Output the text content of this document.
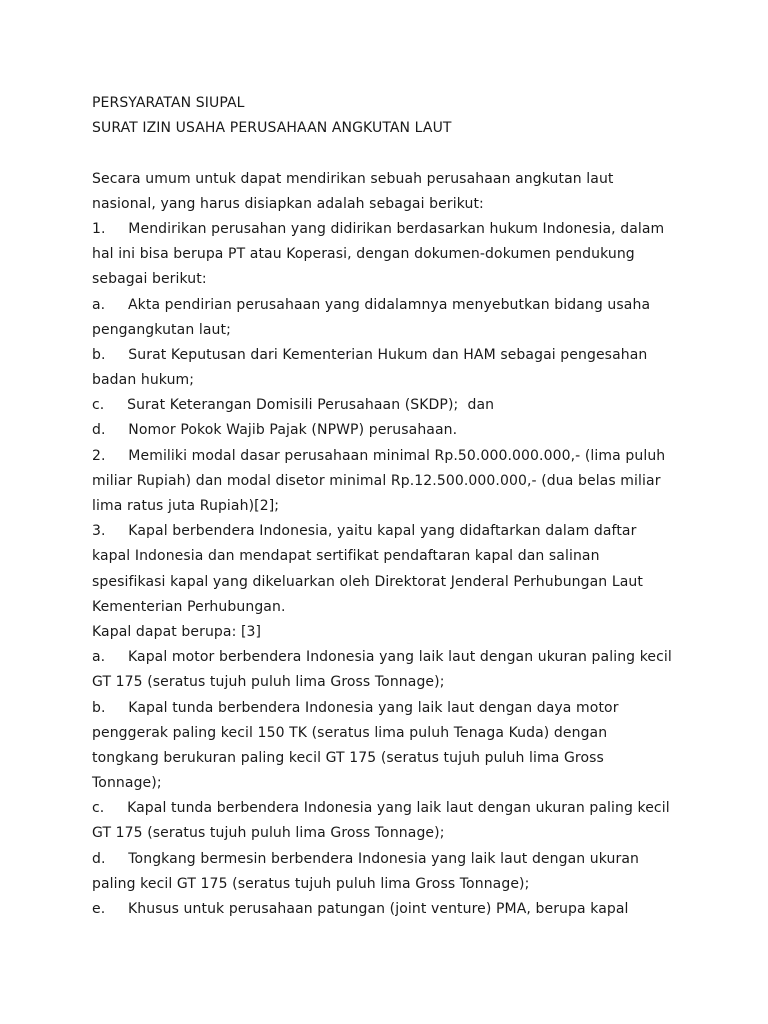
PERSYARATAN SIUPAL
SURAT IZIN USAHA PERUSAHAAN ANGKUTAN LAUT
Secara umum untuk dapat mendirikan sebuah perusahaan angkutan laut
nasional, yang harus disiapkan adalah sebagai berikut:
1.     Mendirikan perusahan yang didirikan berdasarkan hukum Indonesia, dalam
hal ini bisa berupa PT atau Koperasi, dengan dokumen-dokumen pendukung
sebagai berikut:
a.     Akta pendirian perusahaan yang didalamnya menyebutkan bidang usaha
pengangkutan laut;
b.     Surat Keputusan dari Kementerian Hukum dan HAM sebagai pengesahan
badan hukum;
c.     Surat Keterangan Domisili Perusahaan (SKDP);  dan
d.     Nomor Pokok Wajib Pajak (NPWP) perusahaan.
2.     Memiliki modal dasar perusahaan minimal Rp.50.000.000.000,- (lima puluh
miliar Rupiah) dan modal disetor minimal Rp.12.500.000.000,- (dua belas miliar
lima ratus juta Rupiah)[2];
3.     Kapal berbendera Indonesia, yaitu kapal yang didaftarkan dalam daftar
kapal Indonesia dan mendapat sertifikat pendaftaran kapal dan salinan
spesifikasi kapal yang dikeluarkan oleh Direktorat Jenderal Perhubungan Laut
Kementerian Perhubungan.
Kapal dapat berupa: [3]
a.     Kapal motor berbendera Indonesia yang laik laut dengan ukuran paling kecil
GT 175 (seratus tujuh puluh lima Gross Tonnage);
b.     Kapal tunda berbendera Indonesia yang laik laut dengan daya motor
penggerak paling kecil 150 TK (seratus lima puluh Tenaga Kuda) dengan
tongkang berukuran paling kecil GT 175 (seratus tujuh puluh lima Gross
Tonnage);
c.     Kapal tunda berbendera Indonesia yang laik laut dengan ukuran paling kecil
GT 175 (seratus tujuh puluh lima Gross Tonnage);
d.     Tongkang bermesin berbendera Indonesia yang laik laut dengan ukuran
paling kecil GT 175 (seratus tujuh puluh lima Gross Tonnage);
e.     Khusus untuk perusahaan patungan (joint venture) PMA, berupa kapal
